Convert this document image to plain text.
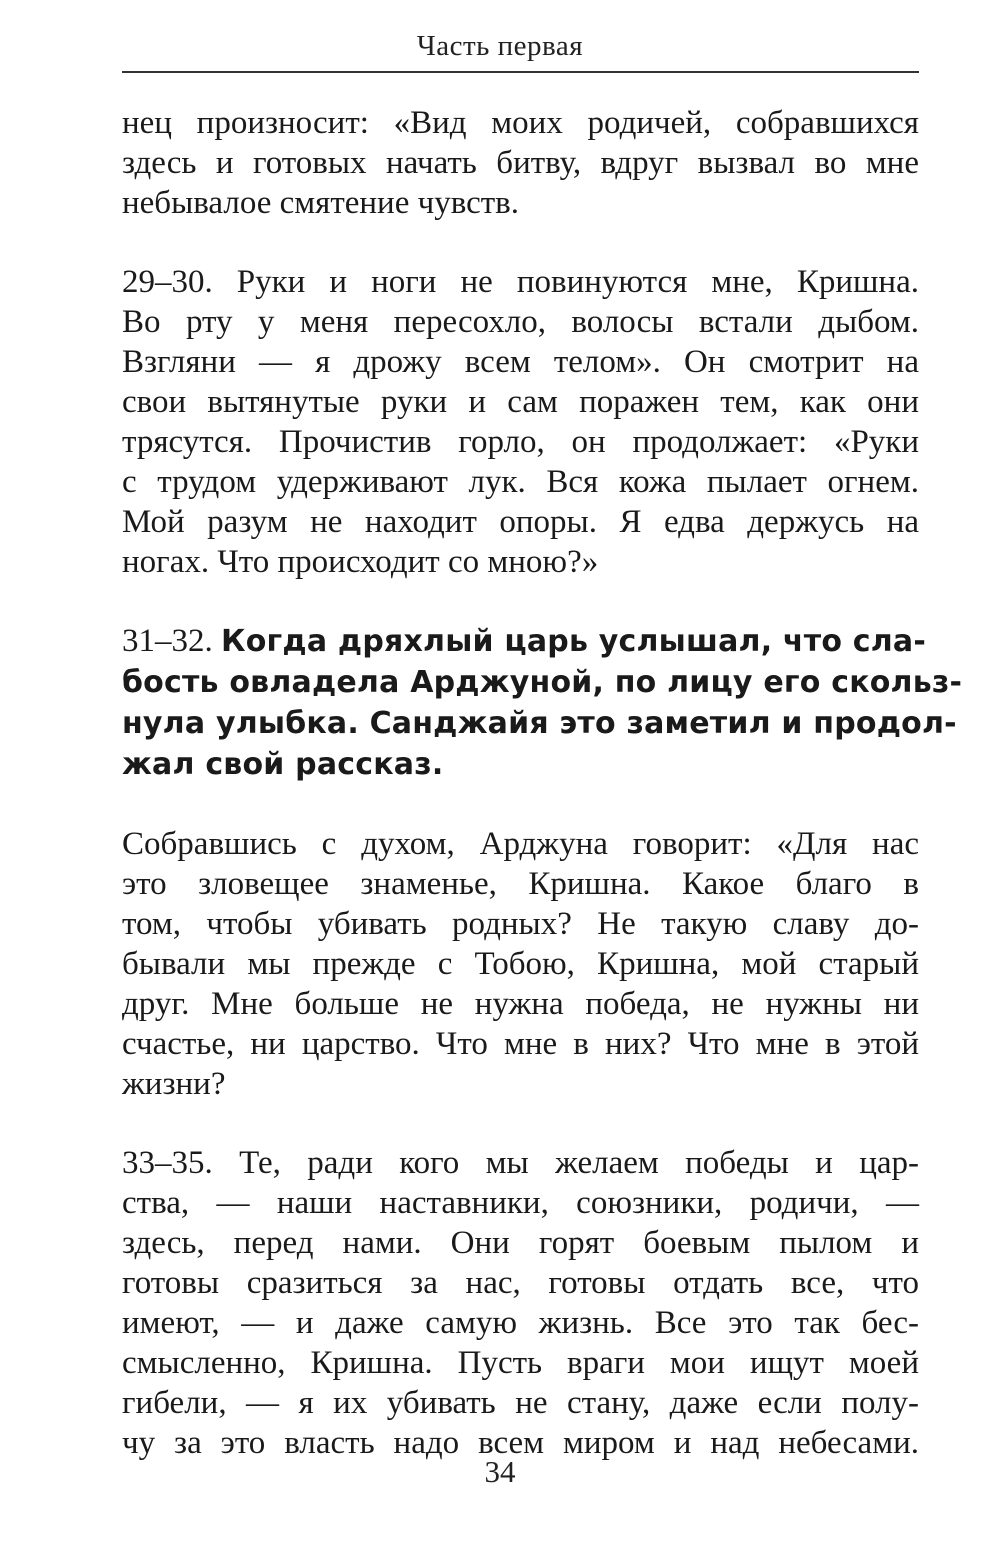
Часть первая
нец произносит: «Вид моих родичей, собравшихся
здесь и готовых начать битву, вдруг вызвал во мне
небывалое смятение чувств.
29–30. Руки и ноги не повинуются мне, Кришна.
Во рту у меня пересохло, волосы встали дыбом.
Взгляни — я дрожу всем телом». Он смотрит на
свои вытянутые руки и сам поражен тем, как они
трясутся. Прочистив горло, он продолжает: «Руки
с трудом удерживают лук. Вся кожа пылает огнем.
Мой разум не находит опоры. Я едва держусь на
ногах. Что происходит со мною?»
31–32. Когда дряхлый царь услышал, что сла-
бость овладела Арджуной, по лицу его скольз-
нула улыбка. Санджайя это заметил и продол-
жал свой рассказ.
Собравшись с духом, Арджуна говорит: «Для нас
это зловещее знаменье, Кришна. Какое благо в
том, чтобы убивать родных? Не такую славу до-
бывали мы прежде с Тобою, Кришна, мой старый
друг. Мне больше не нужна победа, не нужны ни
счастье, ни царство. Что мне в них? Что мне в этой
жизни?
33–35. Те, ради кого мы желаем победы и цар-
ства, — наши наставники, союзники, родичи, —
здесь, перед нами. Они горят боевым пылом и
готовы сразиться за нас, готовы отдать все, что
имеют, — и даже самую жизнь. Все это так бес-
смысленно, Кришна. Пусть враги мои ищут моей
гибели, — я их убивать не стану, даже если полу-
чу за это власть надо всем миром и над небесами.
34
